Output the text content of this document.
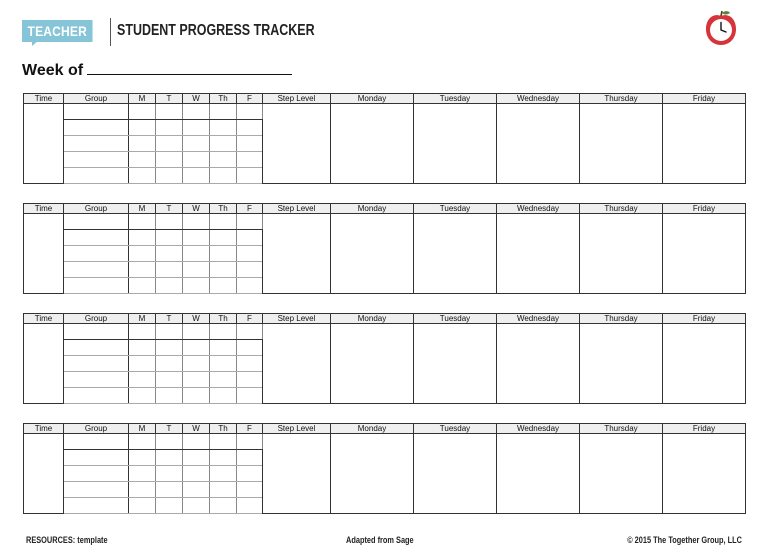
TEACHER	STUDENT PROGRESS TRACKER
Week of
Time	Group	M	T	W	Th	F	Step Level	Monday	Tuesday	Wednesday	Thursday	Friday

Time	Group	M	T	W	Th	F	Step Level	Monday	Tuesday	Wednesday	Thursday	Friday

Time	Group	M	T	W	Th	F	Step Level	Monday	Tuesday	Wednesday	Thursday	Friday

Time	Group	M	T	W	Th	F	Step Level	Monday	Tuesday	Wednesday	Thursday	Friday

RESOURCES: template	Adapted from Sage	© 2015 The Together Group, LLC
